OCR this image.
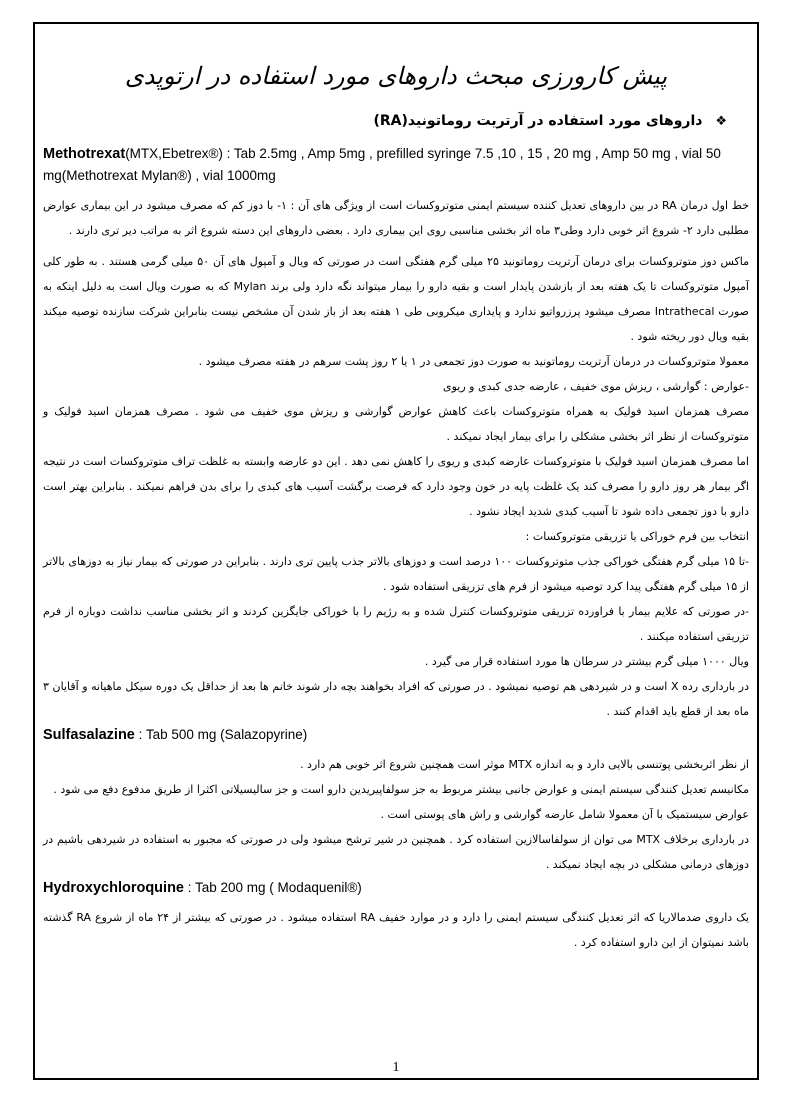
پیش کارورزی مبحث داروهای مورد استفاده در ارتوپدی
❖ داروهای مورد استفاده در آرتریت روماتونید(RA)
Methotrexat(MTX,Ebetrex®) : Tab 2.5mg , Amp 5mg , prefilled syringe 7.5 ,10 , 15 , 20 mg , Amp 50 mg , vial 50 mg(Methotrexat Mylan®) , vial 1000mg

خط اول درمان RA در بین داروهای تعدیل کننده سیستم ایمنی متوتروکسات است از ویژگی های آن : ۱- با دوز کم که مصرف میشود در این بیماری عوارض مطلبی دارد ۲- شروع اثر خوبی دارد وطی۳ ماه اثر بخشی مناسبی روی این بیماری دارد . بعضی داروهای این دسته شروع اثر به مراتب دیر تری دارند .

ماکس دوز متوتروکسات برای درمان آرتریت روماتونید ۲۵ میلی گرم هفتگی است در صورتی که ویال و آمپول های آن ۵۰ میلی گرمی هستند . به طور کلی آمپول متوتروکسات تا یک هفته بعد از بازشدن پایدار است و بقیه دارو را بیمار میتواند نگه دارد ولی برند Mylan که به صورت ویال است به دلیل اینکه به صورت Intrathecal مصرف میشود پرزرواتیو ندارد و پایداری میکروبی طی ۱ هفته بعد از باز شدن آن مشخص نیست بنابراین شرکت سازنده توصیه میکند بقیه ویال دور ریخته شود .

معمولا متوتروکسات در درمان آرتریت روماتونید به صورت دوز تجمعی در ۱ یا ۲ روز پشت سرهم در هفته مصرف میشود .

-عوارض : گوارشی ، ریزش موی خفیف ، عارضه جدی کبدی و ریوی

مصرف همزمان اسید فولیک به همراه متوتروکسات باعث کاهش عوارض گوارشی و ریزش موی خفیف می شود . مصرف همزمان اسید فولیک و متوتروکسات از نظر اثر بخشی مشکلی را برای بیمار ایجاد نمیکند .

اما مصرف همزمان اسید فولیک با متوتروکسات عارضه کبدی و ریوی را کاهش نمی دهد . این دو عارضه وابسته به غلظت تراف متوتروکسات است در نتیجه اگر بیمار هر روز دارو را مصرف کند یک غلظت پایه در خون وجود دارد که فرصت برگشت آسیب های کبدی را برای بدن فراهم نمیکند . بنابراین بهتر است دارو با دوز تجمعی داده شود تا آسیب کبدی شدید ایجاد نشود .

انتخاب بین فرم خوراکی یا تزریقی متوتروکسات :

-تا ۱۵ میلی گرم هفتگی خوراکی جذب متوتروکسات ۱۰۰ درصد است و دوزهای بالاتر جذب پایین تری دارند . بنابراین در صورتی که بیمار نیاز به دوزهای بالاتر از ۱۵ میلی گرم هفتگی پیدا کرد توصیه میشود از فرم های تزریقی استفاده شود .

-در صورتی که علایم بیمار با فراورده تزریقی متوتروکسات کنترل شده و به رژیم را با خوراکی جایگزین کردند و اثر بخشی مناسب نداشت دوباره از فرم تزریقی استفاده میکنند .

ویال ۱۰۰۰ میلی گرم بیشتر در سرطان ها مورد استفاده قرار می گیرد .

در بارداری رده X است و در شیردهی هم توصیه نمیشود . در صورتی که افراد بخواهند بچه دار شوند خانم ها بعد از حداقل یک دوره سیکل ماهیانه و آقایان ۳ ماه بعد از قطع باید اقدام کنند .

Sulfasalazine : Tab 500 mg (Salazopyrine)

از نظر اثربخشی پوتنسی بالایی دارد و به اندازه MTX موثر است همچنین شروع اثر خوبی هم دارد .

مکانیسم تعدیل کنندگی سیستم ایمنی و عوارض جانبی بیشتر مربوط به جز سولفاپیریدین دارو است و جز سالیسیلاتی اکثرا از طریق مدفوع دفع می شود .

عوارض سیستمیک با آن معمولا شامل عارضه گوارشی و راش های پوستی است .

در بارداری برخلاف MTX می توان از سولفاسالازین استفاده کرد . همچنین در شیر ترشح میشود ولی در صورتی که مجبور به استفاده در شیردهی باشیم در دوزهای درمانی مشکلی در بچه ایجاد نمیکند .

Hydroxychloroquine : Tab 200 mg ( Modaquenil®)

یک داروی ضدمالاریا که اثر تعدیل کنندگی سیستم ایمنی را دارد و در موارد خفیف RA استفاده میشود . در صورتی که بیشتر از ۲۴ ماه از شروع RA گذشته باشد نمیتوان از این دارو استفاده کرد .

1
